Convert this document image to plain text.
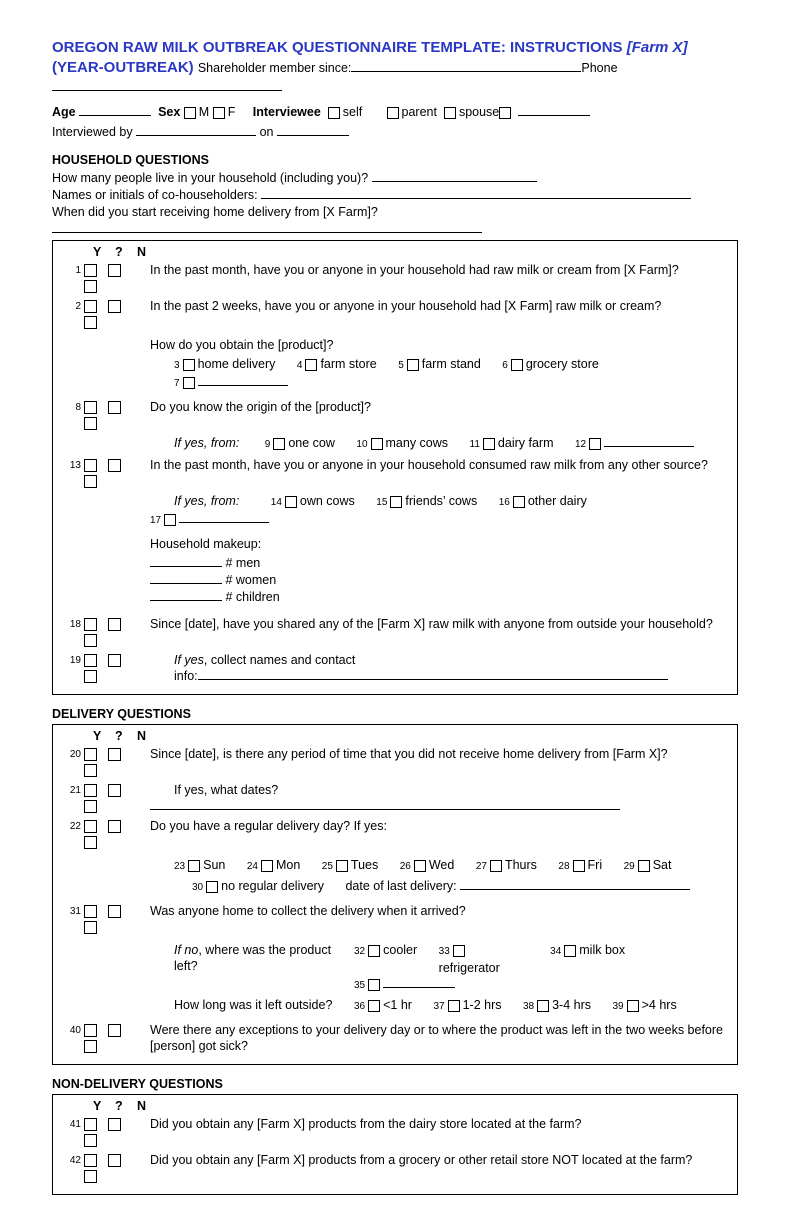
OREGON RAW MILK OUTBREAK QUESTIONNAIRE TEMPLATE: INSTRUCTIONS [Farm X] (YEAR-OUTBREAK) Shareholder member since:	Phone
Age	Sex M F Interviewee self	parent spouse
Interviewed by	on
HOUSEHOLD QUESTIONS
How many people live in your household (including you)?
Names or initials of co-householders:
When did you start receiving home delivery from [X Farm]?
Y ? N
1	In the past month, have you or anyone in your household had raw milk or cream from [X Farm]?
2	In the past 2 weeks, have you or anyone in your household had [X Farm] raw milk or cream?
How do you obtain the [product]?
3 home delivery 4 farm store 5 farm stand 6 grocery store 7
8	Do you know the origin of the [product]?
If yes, from:	9 one cow 10 many cows 11 dairy farm 12
13	In the past month, have you or anyone in your household consumed raw milk from any other source?
If yes, from:	14 own cows 15 friends’ cows 16 other dairy 17
Household makeup:
# men
# women
# children
18	Since [date], have you shared any of the [Farm X] raw milk with anyone from outside your household?
19	If yes, collect names and contact
info:
DELIVERY QUESTIONS
Y ? N
20	Since [date], is there any period of time that you did not receive home delivery from [Farm X]?
21	If yes, what dates?
22	Do you have a regular delivery day? If yes:
23 Sun 24 Mon 25 Tues 26 Wed 27 Thurs 28 Fri 29 Sat
30 no regular delivery date of last delivery:
31	Was anyone home to collect the delivery when it arrived?
If no, where was the product left?
32 cooler 33refrigerator 34 milk box 35
How long was it left outside?	36 <1 hr 37 1-2 hrs 38 3-4 hrs 39 >4 hrs
40	Were there any exceptions to your delivery day or to where the product was left in the two weeks before [person] got sick?
NON-DELIVERY QUESTIONS
Y ? N
41	Did you obtain any [Farm X] products from the dairy store located at the farm?
42	Did you obtain any [Farm X] products from a grocery or other retail store NOT located at the farm?
